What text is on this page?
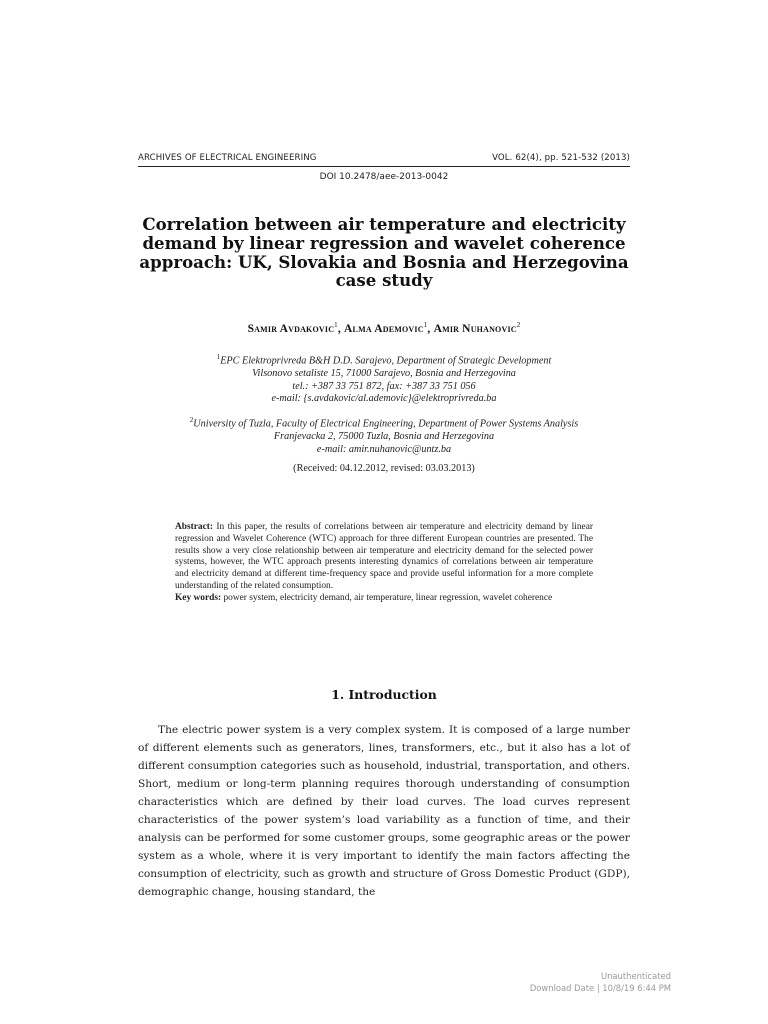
ARCHIVES OF ELECTRICAL ENGINEERING	VOL. 62(4), pp. 521-532 (2013)
DOI 10.2478/aee-2013-0042
Correlation between air temperature and electricity
demand by linear regression and wavelet coherence
approach: UK, Slovakia and Bosnia and Herzegovina
case study
Samir Avdakovic$^1$, Alma Ademovic$^1$, Amir Nuhanovic$^2$
$^1$EPC Elektroprivreda B&H D.D. Sarajevo, Department of Strategic Development
Vilsonovo setaliste 15, 71000 Sarajevo, Bosnia and Herzegovina
tel.: +387 33 751 872, fax: +387 33 751 056
e-mail: {s.avdakovic/al.ademovic}@elektroprivreda.ba
$^2$University of Tuzla, Faculty of Electrical Engineering, Department of Power Systems Analysis
Franjevacka 2, 75000 Tuzla, Bosnia and Herzegovina
e-mail: amir.nuhanovic@untz.ba
(Received: 04.12.2012, revised: 03.03.2013)

Abstract: In this paper, the results of correlations between air temperature and electricity demand by linear regression and Wavelet Coherence (WTC) approach for three different European countries are presented. The results show a very close relationship between air temperature and electricity demand for the selected power systems, however, the WTC approach presents interesting dynamics of correlations between air temperature and electricity demand at different time-frequency space and provide useful information for a more complete understanding of the related consumption.

Key words: power system, electricity demand, air temperature, linear regression, wavelet coherence

1. Introduction

The electric power system is a very complex system. It is composed of a large number of different elements such as generators, lines, transformers, etc., but it also has a lot of different consumption categories such as household, industrial, transportation, and others. Short, medium or long-term planning requires thorough understanding of consumption characteristics which are defined by their load curves. The load curves represent characteristics of the power system’s load variability as a function of time, and their analysis can be performed for some customer groups, some geographic areas or the power system as a whole, where it is very important to identify the main factors affecting the consumption of electricity, such as growth and structure of Gross Domestic Product (GDP), demographic change, housing standard, the

Unauthenticated
Download Date | 10/8/19 6:44 PM
